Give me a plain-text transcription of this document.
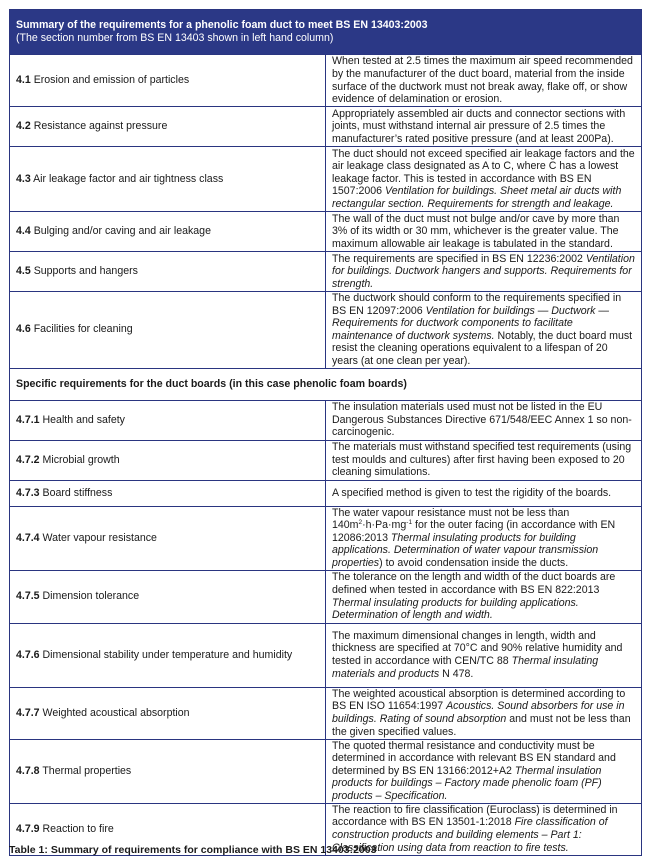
Summary of the requirements for a phenolic foam duct to meet BS EN 13403:2003
(The section number from BS EN 13403 shown in left hand column)	

4.1 Erosion and emission of particles	When tested at 2.5 times the maximum air speed recommended by the manufacturer of the duct board, material from the inside surface of the ductwork must not break away, flake off, or show evidence of delamination or erosion.
4.2 Resistance against pressure	Appropriately assembled air ducts and connector sections with joints, must withstand internal air pressure of 2.5 times the manufacturer’s rated positive pressure (and at least 200Pa).
4.3 Air leakage factor and air tightness class	The duct should not exceed specified air leakage factors and the air leakage class designated as A to C, where C has a lowest leakage factor. This is tested in accordance with BS EN 1507:2006 Ventilation for buildings. Sheet metal air ducts with rectangular section. Requirements for strength and leakage.
4.4 Bulging and/or caving and air leakage	The wall of the duct must not bulge and/or cave by more than 3% of its width or 30 mm, whichever is the greater value. The maximum allowable air leakage is tabulated in the standard.
4.5 Supports and hangers	The requirements are specified in BS EN 12236:2002 Ventilation for buildings. Ductwork hangers and supports. Requirements for strength.
4.6 Facilities for cleaning	The ductwork should conform to the requirements specified in BS EN 12097:2006 Ventilation for buildings — Ductwork — Requirements for ductwork components to facilitate maintenance of ductwork systems. Notably, the duct board must resist the cleaning operations equivalent to a lifespan of 20 years (at one clean per year).
Specific requirements for the duct boards (in this case phenolic foam boards)	
4.7.1 Health and safety	The insulation materials used must not be listed in the EU Dangerous Substances Directive 671/548/EEC Annex 1 so non-carcinogenic.
4.7.2 Microbial growth	The materials must withstand specified test requirements (using test moulds and cultures) after first having been exposed to 20 cleaning simulations.
4.7.3 Board stiffness	A specified method is given to test the rigidity of the boards.
4.7.4 Water vapour resistance	The water vapour resistance must not be less than $140m^2\cdot h\cdot Pa\cdot mg^{-1}$ for the outer facing (in accordance with EN 12086:2013 Thermal insulating products for building applications. Determination of water vapour transmission properties) to avoid condensation inside the ducts.
4.7.5 Dimension tolerance	The tolerance on the length and width of the duct boards are defined when tested in accordance with BS EN 822:2013 Thermal insulating products for building applications. Determination of length and width.
4.7.6 Dimensional stability under temperature and humidity	The maximum dimensional changes in length, width and thickness are specified at 70°C and 90% relative humidity and tested in accordance with CEN/TC 88 Thermal insulating materials and products N 478.
4.7.7 Weighted acoustical absorption	The weighted acoustical absorption is determined according to BS EN ISO 11654:1997 Acoustics. Sound absorbers for use in buildings. Rating of sound absorption and must not be less than the given specified values.
4.7.8 Thermal properties	The quoted thermal resistance and conductivity must be determined in accordance with relevant BS EN standard and determined by BS EN 13166:2012+A2 Thermal insulation products for buildings – Factory made phenolic foam (PF) products – Specification.
4.7.9 Reaction to fire	The reaction to fire classification (Euroclass) is determined in accordance with BS EN 13501-1:2018 Fire classification of construction products and building elements – Part 1: Classification using data from reaction to fire tests.
Table 1: Summary of requirements for compliance with BS EN 13403:2003
